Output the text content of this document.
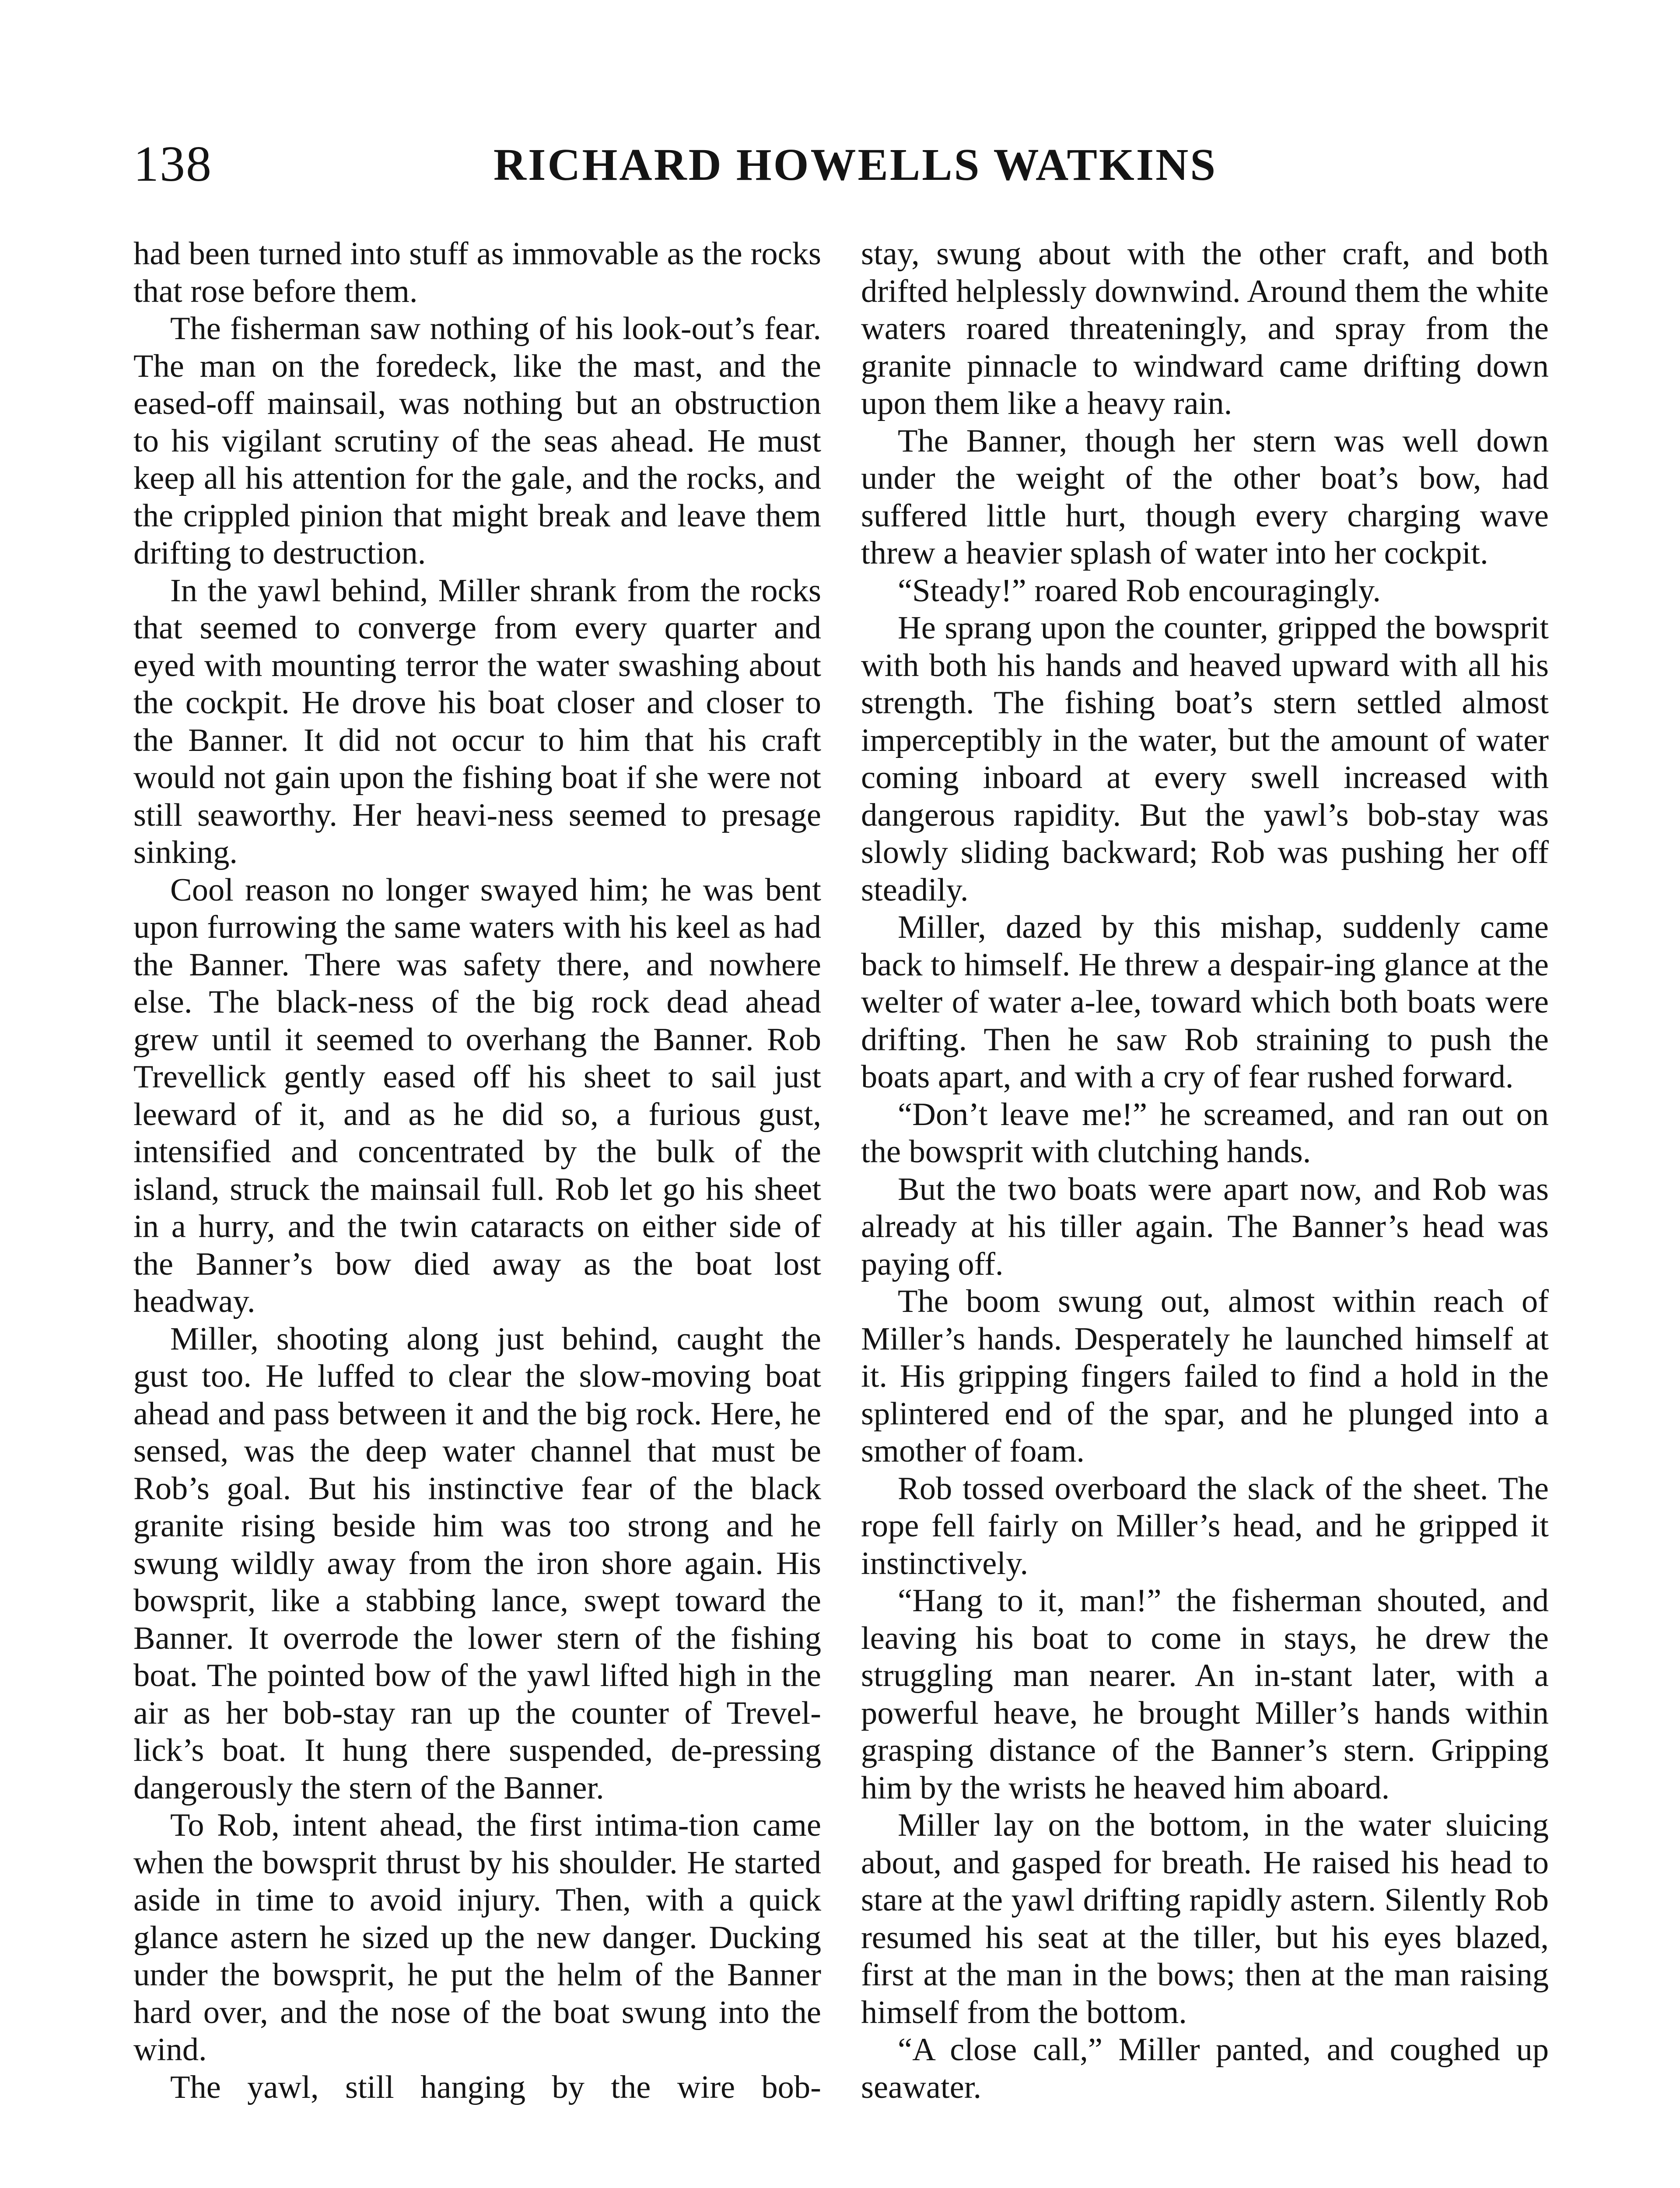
138	RICHARD HOWELLS WATKINS

had been turned into stuff as immovable as the rocks that rose before them.

The fisherman saw nothing of his look-out’s fear. The man on the foredeck, like the mast, and the eased-off mainsail, was nothing but an obstruction to his vigilant scrutiny of the seas ahead. He must keep all his attention for the gale, and the rocks, and the crippled pinion that might break and leave them drifting to destruction.

In the yawl behind, Miller shrank from the rocks that seemed to converge from every quarter and eyed with mounting terror the water swashing about the cockpit. He drove his boat closer and closer to the Banner. It did not occur to him that his craft would not gain upon the fishing boat if she were not still seaworthy. Her heavi-ness seemed to presage sinking.

Cool reason no longer swayed him; he was bent upon furrowing the same waters with his keel as had the Banner. There was safety there, and nowhere else. The black-ness of the big rock dead ahead grew until it seemed to overhang the Banner. Rob Trevellick gently eased off his sheet to sail just leeward of it, and as he did so, a furious gust, intensified and concentrated by the bulk of the island, struck the mainsail full. Rob let go his sheet in a hurry, and the twin cataracts on either side of the Banner’s bow died away as the boat lost headway.

Miller, shooting along just behind, caught the gust too. He luffed to clear the slow-moving boat ahead and pass between it and the big rock. Here, he sensed, was the deep water channel that must be Rob’s goal. But his instinctive fear of the black granite rising beside him was too strong and he swung wildly away from the iron shore again. His bowsprit, like a stabbing lance, swept toward the Banner. It overrode the lower stern of the fishing boat. The pointed bow of the yawl lifted high in the air as her bob-stay ran up the counter of Trevel-lick’s boat. It hung there suspended, de-pressing dangerously the stern of the Banner.

To Rob, intent ahead, the first intima-tion came when the bowsprit thrust by his shoulder. He started aside in time to avoid injury. Then, with a quick glance astern he sized up the new danger. Ducking under the bowsprit, he put the helm of the Banner hard over, and the nose of the boat swung into the wind.

The yawl, still hanging by the wire bob-

stay, swung about with the other craft, and both drifted helplessly downwind. Around them the white waters roared threateningly, and spray from the granite pinnacle to windward came drifting down upon them like a heavy rain.

The Banner, though her stern was well down under the weight of the other boat’s bow, had suffered little hurt, though every charging wave threw a heavier splash of water into her cockpit.

“Steady!” roared Rob encouragingly.

He sprang upon the counter, gripped the bowsprit with both his hands and heaved upward with all his strength. The fishing boat’s stern settled almost imperceptibly in the water, but the amount of water coming inboard at every swell increased with dangerous rapidity. But the yawl’s bob-stay was slowly sliding backward; Rob was pushing her off steadily.

Miller, dazed by this mishap, suddenly came back to himself. He threw a despair-ing glance at the welter of water a-lee, toward which both boats were drifting. Then he saw Rob straining to push the boats apart, and with a cry of fear rushed forward.

“Don’t leave me!” he screamed, and ran out on the bowsprit with clutching hands.

But the two boats were apart now, and Rob was already at his tiller again. The Banner’s head was paying off.

The boom swung out, almost within reach of Miller’s hands. Desperately he launched himself at it. His gripping fingers failed to find a hold in the splintered end of the spar, and he plunged into a smother of foam.

Rob tossed overboard the slack of the sheet. The rope fell fairly on Miller’s head, and he gripped it instinctively.

“Hang to it, man!” the fisherman shouted, and leaving his boat to come in stays, he drew the struggling man nearer. An in-stant later, with a powerful heave, he brought Miller’s hands within grasping distance of the Banner’s stern. Gripping him by the wrists he heaved him aboard.

Miller lay on the bottom, in the water sluicing about, and gasped for breath. He raised his head to stare at the yawl drifting rapidly astern. Silently Rob resumed his seat at the tiller, but his eyes blazed, first at the man in the bows; then at the man raising himself from the bottom.

“A close call,” Miller panted, and coughed up seawater.
